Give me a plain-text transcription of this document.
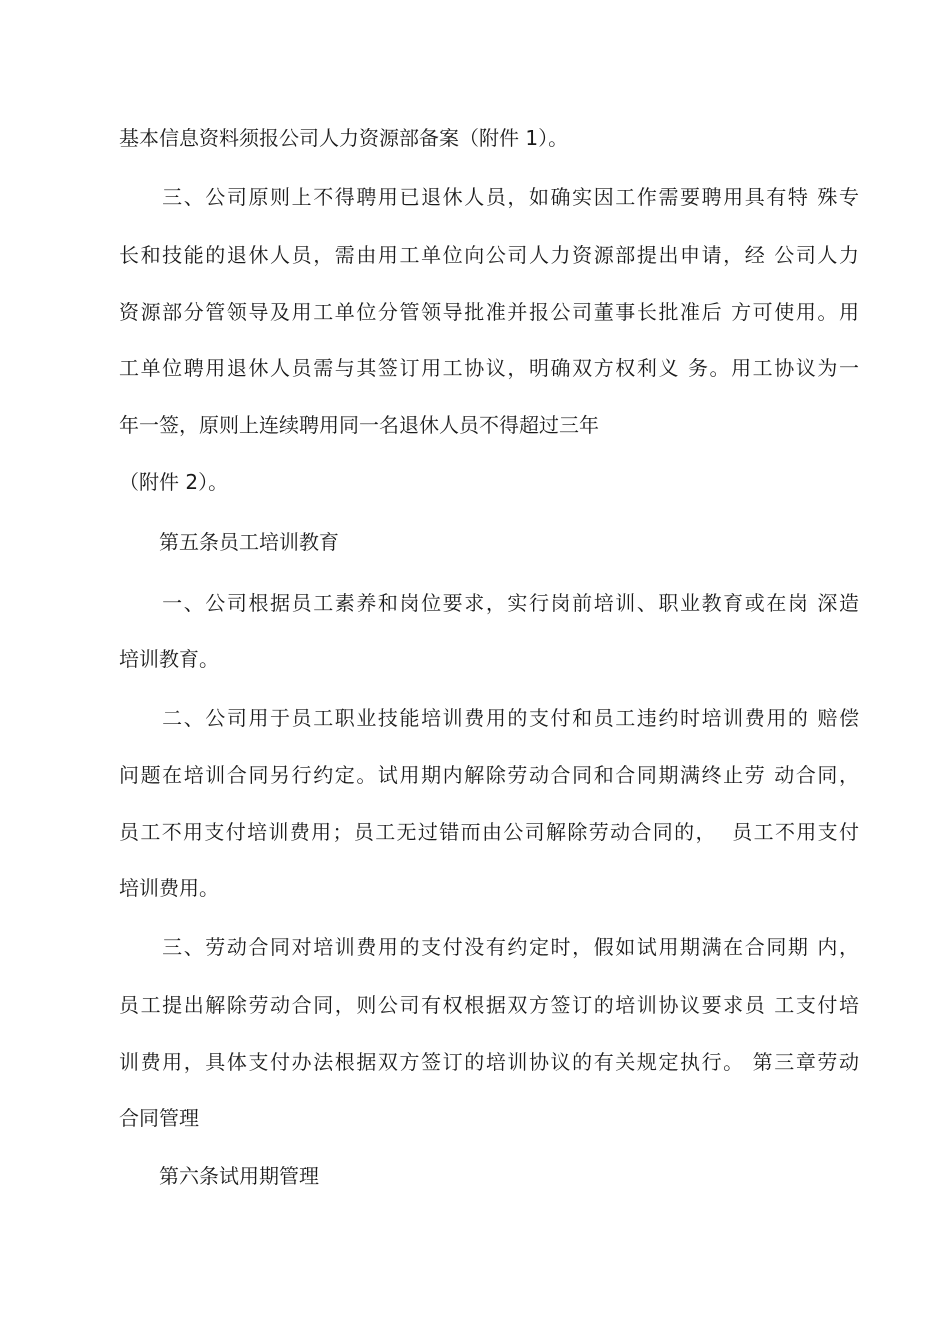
基本信息资料须报公司人力资源部备案（附件 1）。
　　三、公司原则上不得聘用已退休人员，如确实因工作需要聘用具有特 殊专
长和技能的退休人员，需由用工单位向公司人力资源部提出申请，经 公司人力
资源部分管领导及用工单位分管领导批准并报公司董事长批准后 方可使用。用
工单位聘用退休人员需与其签订用工协议，明确双方权利义 务。用工协议为一
年一签，原则上连续聘用同一名退休人员不得超过三年
（附件 2）。
　　第五条员工培训教育
　　一、公司根据员工素养和岗位要求，实行岗前培训、职业教育或在岗 深造
培训教育。
　　二、公司用于员工职业技能培训费用的支付和员工违约时培训费用的 赔偿
问题在培训合同另行约定。试用期内解除劳动合同和合同期满终止劳 动合同，
员工不用支付培训费用；员工无过错而由公司解除劳动合同的，  员工不用支付
培训费用。
　　三、劳动合同对培训费用的支付没有约定时，假如试用期满在合同期 内，
员工提出解除劳动合同，则公司有权根据双方签订的培训协议要求员 工支付培
训费用，具体支付办法根据双方签订的培训协议的有关规定执行。 第三章劳动
合同管理
　　第六条试用期管理
